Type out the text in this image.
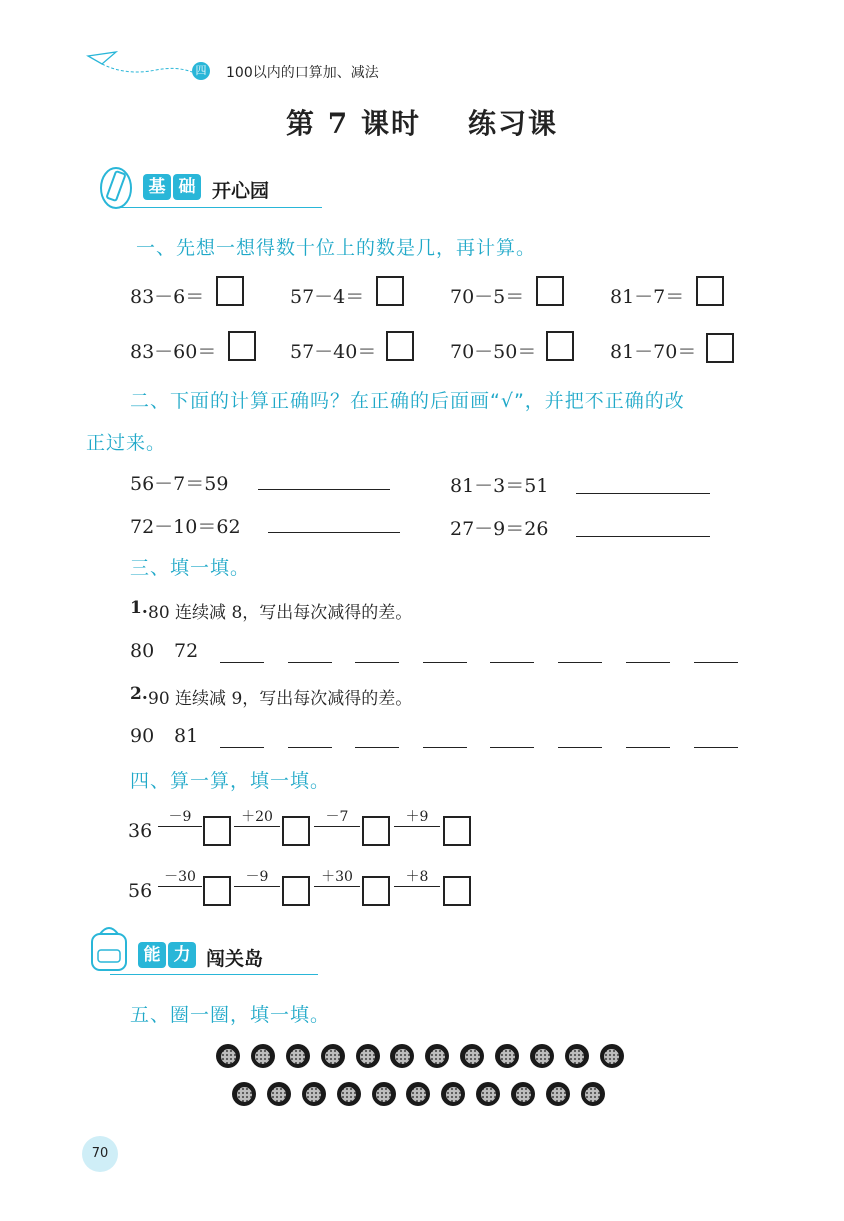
四 100以内的口算加、减法
第 7 课时    练习课
基 础 开心园
一、先想一想得数十位上的数是几，再计算。
83－6＝	57－4＝	70－5＝	81－7＝
83－60＝	57－40＝	70－50＝	81－70＝
二、下面的计算正确吗？在正确的后面画“√”，并把不正确的改
正过来。
56－7＝59	81－3＝51
72－10＝62	27－9＝26
三、填一填。
1. 80 连续减 8，写出每次减得的差。
80 72
2. 90 连续减 9，写出每次减得的差。
90 81
四、算一算，填一填。
36
－9	＋20	－7	＋9
56
－30	－9	＋30	＋8
能 力 闯关岛
五、圈一圈，填一填。
70
